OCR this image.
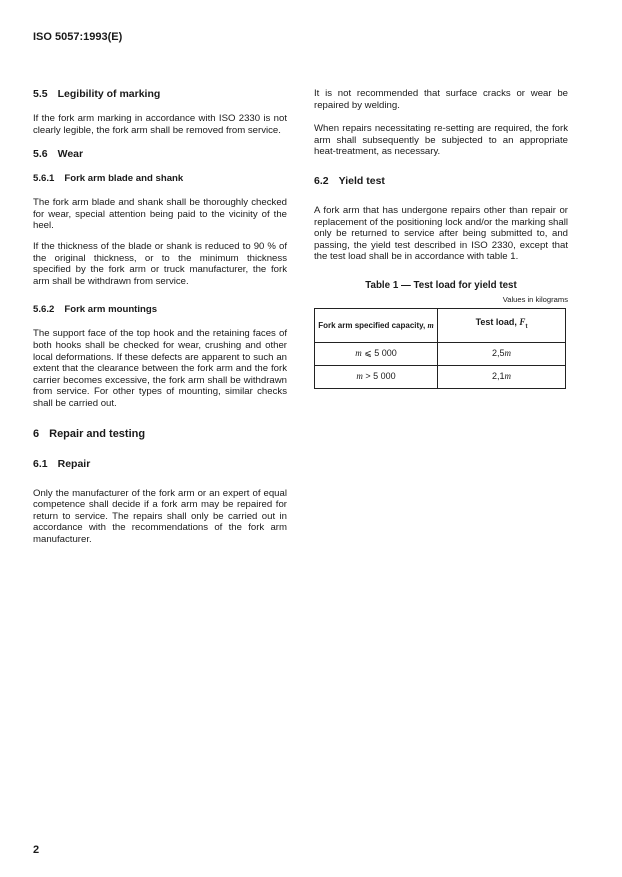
ISO 5057:1993(E)
5.5 Legibility of marking

If the fork arm marking in accordance with ISO 2330 is not clearly legible, the fork arm shall be removed from service.

5.6 Wear
5.6.1 Fork arm blade and shank

The fork arm blade and shank shall be thoroughly checked for wear, special attention being paid to the vicinity of the heel.

If the thickness of the blade or shank is reduced to 90 % of the original thickness, or to the minimum thickness specified by the fork arm or truck manufacturer, the fork arm shall be withdrawn from service.

5.6.2 Fork arm mountings

The support face of the top hook and the retaining faces of both hooks shall be checked for wear, crushing and other local deformations. If these defects are apparent to such an extent that the clearance between the fork arm and the fork carrier becomes excessive, the fork arm shall be withdrawn from service. For other types of mounting, similar checks shall be carried out.

6 Repair and testing
6.1 Repair

Only the manufacturer of the fork arm or an expert of equal competence shall decide if a fork arm may be repaired for return to service. The repairs shall only be carried out in accordance with the recommendations of the fork arm manufacturer.

It is not recommended that surface cracks or wear be repaired by welding.

When repairs necessitating re-setting are required, the fork arm shall subsequently be subjected to an appropriate heat-treatment, as necessary.

6.2 Yield test

A fork arm that has undergone repairs other than repair or replacement of the positioning lock and/or the marking shall only be returned to service after being submitted to, and passing, the yield test described in ISO 2330, except that the test load shall be in accordance with table 1.

Table 1 — Test load for yield test
Values in kilograms
Fork arm specified capacity, m	Test load, $F_t$
m ⩽ 5 000	2,5m
m > 5 000	2,1m
2
